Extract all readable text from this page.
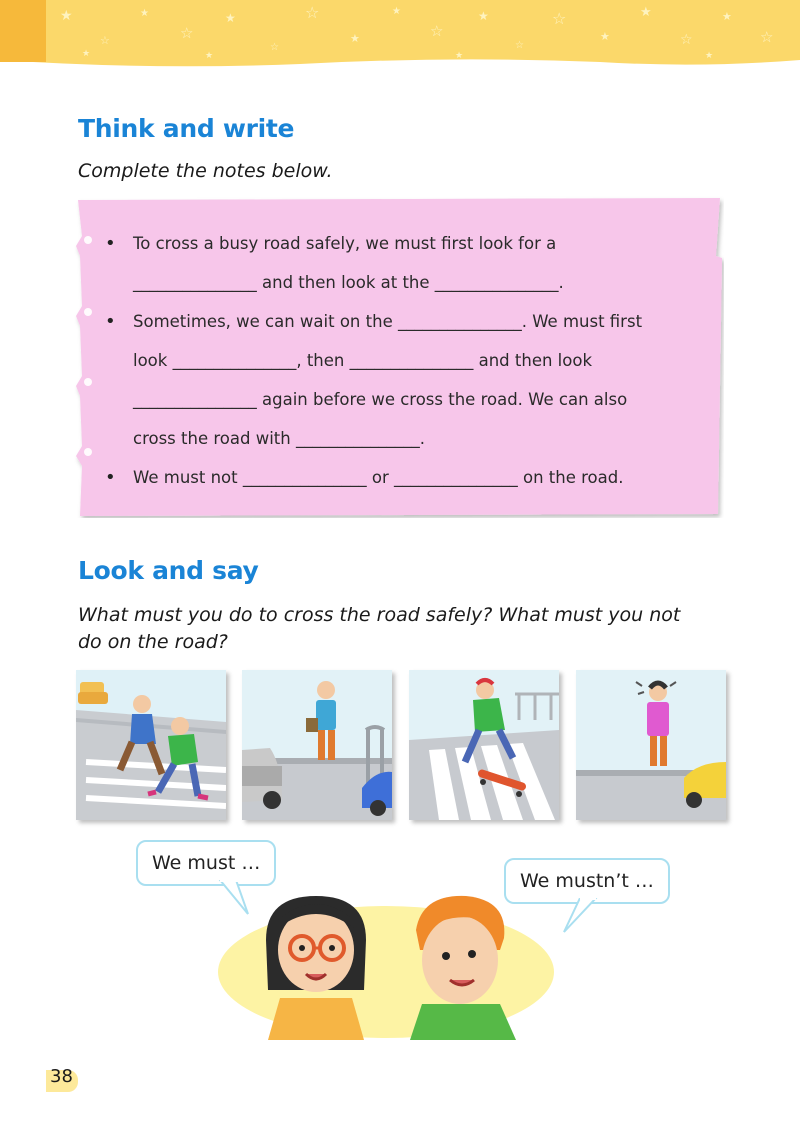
★
☆
★
☆
★
☆
☆
★
★
☆
★
☆
☆
★
★
☆
★
☆
★	★	★	★
Think and write

Complete the notes below.

• To cross a busy road safely, we must first look for a
_______________ and then look at the _______________.
• Sometimes, we can wait on the _______________. We must first
look _______________, then _______________ and then look
_______________ again before we cross the road. We can also
cross the road with _______________.
• We must not _______________ or _______________ on the road.
Look and say

What must you do to cross the road safely? What must you not
do on the road?

We must …
We mustn’t …

38
